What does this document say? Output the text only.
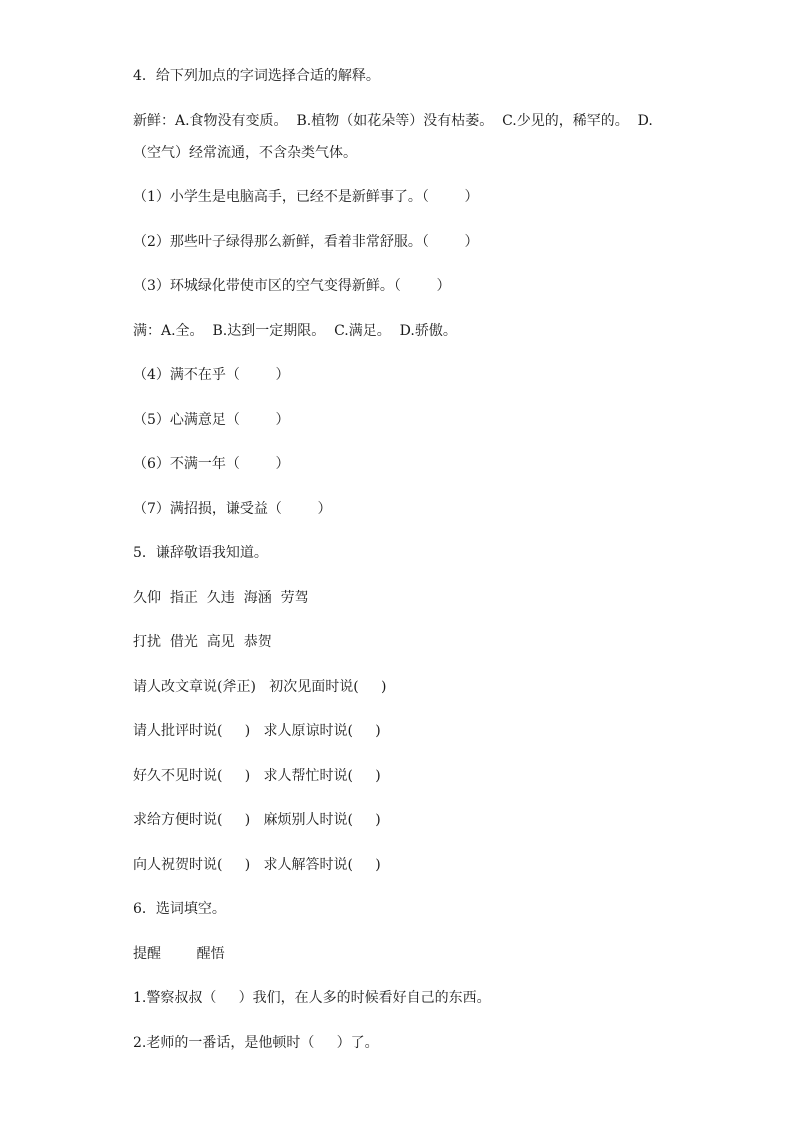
4．给下列加点的字词选择合适的解释。
新鲜：A.食物没有变质。  B.植物（如花朵等）没有枯萎。  C.少见的，稀罕的。  D.
（空气）经常流通，不含杂类气体。
（1）小学生是电脑高手，已经不是新鲜事了。（        ）
（2）那些叶子绿得那么新鲜，看着非常舒服。（        ）
（3）环城绿化带使市区的空气变得新鲜。（        ）
满：A.全。  B.达到一定期限。  C.满足。  D.骄傲。
（4）满不在乎（        ）
（5）心满意足（        ）
（6）不满一年（        ）
（7）满招损，谦受益（        ）
5．谦辞敬语我知道。
久仰  指正  久违  海涵  劳驾
打扰  借光  高见  恭贺
请人改文章说(斧正)   初次见面时说(     )
请人批评时说(     )   求人原谅时说(     )
好久不见时说(     )   求人帮忙时说(     )
求给方便时说(     )   麻烦别人时说(     )
向人祝贺时说(     )   求人解答时说(     )
6．选词填空。
提醒        醒悟
1.警察叔叔（     ）我们，在人多的时候看好自己的东西。
2.老师的一番话，是他顿时（     ）了。
